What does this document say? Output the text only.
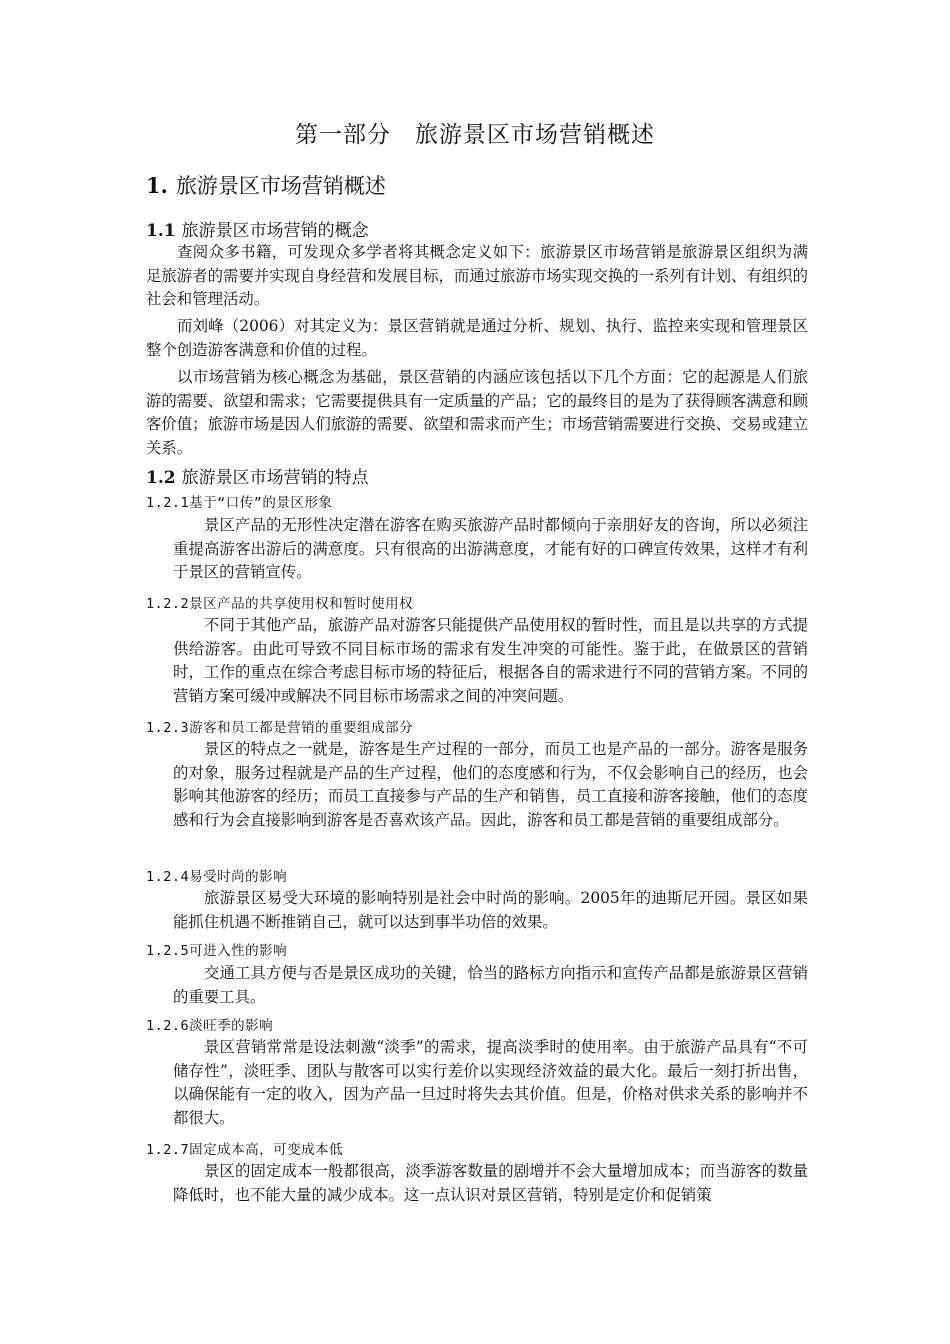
第一部分　旅游景区市场营销概述
1. 旅游景区市场营销概述
1.1 旅游景区市场营销的概念

查阅众多书籍，可发现众多学者将其概念定义如下：旅游景区市场营销是旅游景区组织为满足旅游者的需要并实现自身经营和发展目标，而通过旅游市场实现交换的一系列有计划、有组织的社会和管理活动。

而刘峰（2006）对其定义为：景区营销就是通过分析、规划、执行、监控来实现和管理景区整个创造游客满意和价值的过程。

以市场营销为核心概念为基础，景区营销的内涵应该包括以下几个方面：它的起源是人们旅游的需要、欲望和需求；它需要提供具有一定质量的产品；它的最终目的是为了获得顾客满意和顾客价值；旅游市场是因人们旅游的需要、欲望和需求而产生；市场营销需要进行交换、交易或建立关系。

1.2 旅游景区市场营销的特点
1.2.1基于“口传”的景区形象

景区产品的无形性决定潜在游客在购买旅游产品时都倾向于亲朋好友的咨询，所以必须注重提高游客出游后的满意度。只有很高的出游满意度，才能有好的口碑宣传效果，这样才有利于景区的营销宣传。

1.2.2景区产品的共享使用权和暂时使用权

不同于其他产品，旅游产品对游客只能提供产品使用权的暂时性，而且是以共享的方式提供给游客。由此可导致不同目标市场的需求有发生冲突的可能性。鉴于此，在做景区的营销时，工作的重点在综合考虑目标市场的特征后，根据各自的需求进行不同的营销方案。不同的营销方案可缓冲或解决不同目标市场需求之间的冲突问题。

1.2.3游客和员工都是营销的重要组成部分

景区的特点之一就是，游客是生产过程的一部分，而员工也是产品的一部分。游客是服务的对象，服务过程就是产品的生产过程，他们的态度感和行为，不仅会影响自己的经历，也会影响其他游客的经历；而员工直接参与产品的生产和销售，员工直接和游客接触，他们的态度感和行为会直接影响到游客是否喜欢该产品。因此，游客和员工都是营销的重要组成部分。

1.2.4易受时尚的影响

旅游景区易受大环境的影响特别是社会中时尚的影响。2005年的迪斯尼开园。景区如果能抓住机遇不断推销自己，就可以达到事半功倍的效果。

1.2.5可进入性的影响

交通工具方便与否是景区成功的关键，恰当的路标方向指示和宣传产品都是旅游景区营销的重要工具。

1.2.6淡旺季的影响

景区营销常常是设法刺激“淡季”的需求，提高淡季时的使用率。由于旅游产品具有“不可储存性”，淡旺季、团队与散客可以实行差价以实现经济效益的最大化。最后一刻打折出售，以确保能有一定的收入，因为产品一旦过时将失去其价值。但是，价格对供求关系的影响并不都很大。

1.2.7固定成本高，可变成本低

景区的固定成本一般都很高，淡季游客数量的剧增并不会大量增加成本；而当游客的数量降低时，也不能大量的减少成本。这一点认识对景区营销，特别是定价和促销策
